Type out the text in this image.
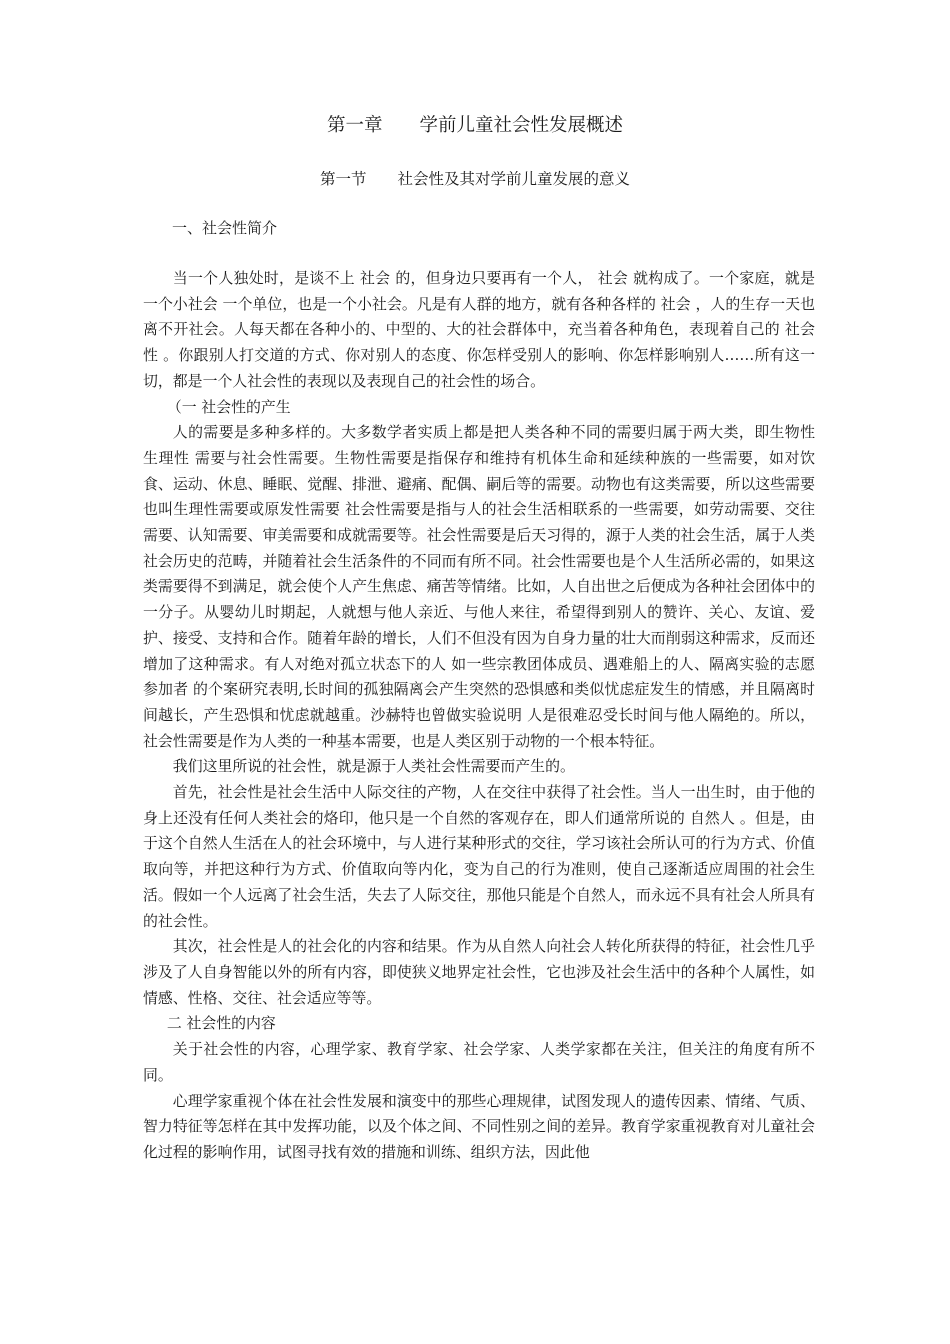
第一章　　学前儿童社会性发展概述
第一节　　社会性及其对学前儿童发展的意义
一、社会性简介

当一个人独处时，是谈不上 社会 的，但身边只要再有一个人， 社会 就构成了。一个家庭，就是一个小社会 一个单位，也是一个小社会。凡是有人群的地方，就有各种各样的 社会 ，人的生存一天也离不开社会。人每天都在各种小的、中型的、大的社会群体中，充当着各种角色，表现着自己的 社会性 。你跟别人打交道的方式、你对别人的态度、你怎样受别人的影响、你怎样影响别人……所有这一切，都是一个人社会性的表现以及表现自己的社会性的场合。

（一 社会性的产生

人的需要是多种多样的。大多数学者实质上都是把人类各种不同的需要归属于两大类，即生物性 生理性 需要与社会性需要。生物性需要是指保存和维持有机体生命和延续种族的一些需要，如对饮食、运动、休息、睡眠、觉醒、排泄、避痛、配偶、嗣后等的需要。动物也有这类需要，所以这些需要也叫生理性需要或原发性需要 社会性需要是指与人的社会生活相联系的一些需要，如劳动需要、交往需要、认知需要、审美需要和成就需要等。社会性需要是后天习得的，源于人类的社会生活，属于人类社会历史的范畴，并随着社会生活条件的不同而有所不同。社会性需要也是个人生活所必需的，如果这类需要得不到满足，就会使个人产生焦虑、痛苦等情绪。比如，人自出世之后便成为各种社会团体中的一分子。从婴幼儿时期起，人就想与他人亲近、与他人来往，希望得到别人的赞许、关心、友谊、爱护、接受、支持和合作。随着年龄的增长，人们不但没有因为自身力量的壮大而削弱这种需求，反而还增加了这种需求。有人对绝对孤立状态下的人 如一些宗教团体成员、遇难船上的人、隔离实验的志愿参加者 的个案研究表明,长时间的孤独隔离会产生突然的恐惧感和类似忧虑症发生的情感，并且隔离时间越长，产生恐惧和忧虑就越重。沙赫特也曾做实验说明 人是很难忍受长时间与他人隔绝的。所以，社会性需要是作为人类的一种基本需要，也是人类区别于动物的一个根本特征。

我们这里所说的社会性，就是源于人类社会性需要而产生的。

首先，社会性是社会生活中人际交往的产物，人在交往中获得了社会性。当人一出生时，由于他的身上还没有任何人类社会的烙印，他只是一个自然的客观存在，即人们通常所说的 自然人 。但是，由于这个自然人生活在人的社会环境中，与人进行某种形式的交往，学习该社会所认可的行为方式、价值取向等，并把这种行为方式、价值取向等内化，变为自己的行为准则，使自己逐渐适应周围的社会生活。假如一个人远离了社会生活，失去了人际交往，那他只能是个自然人，而永远不具有社会人所具有的社会性。

其次，社会性是人的社会化的内容和结果。作为从自然人向社会人转化所获得的特征，社会性几乎涉及了人自身智能以外的所有内容，即使狭义地界定社会性，它也涉及社会生活中的各种个人属性，如情感、性格、交往、社会适应等等。

二 社会性的内容

关于社会性的内容，心理学家、教育学家、社会学家、人类学家都在关注，但关注的角度有所不同。

心理学家重视个体在社会性发展和演变中的那些心理规律，试图发现人的遗传因素、情绪、气质、智力特征等怎样在其中发挥功能，以及个体之间、不同性别之间的差异。教育学家重视教育对儿童社会化过程的影响作用，试图寻找有效的措施和训练、组织方法，因此他
